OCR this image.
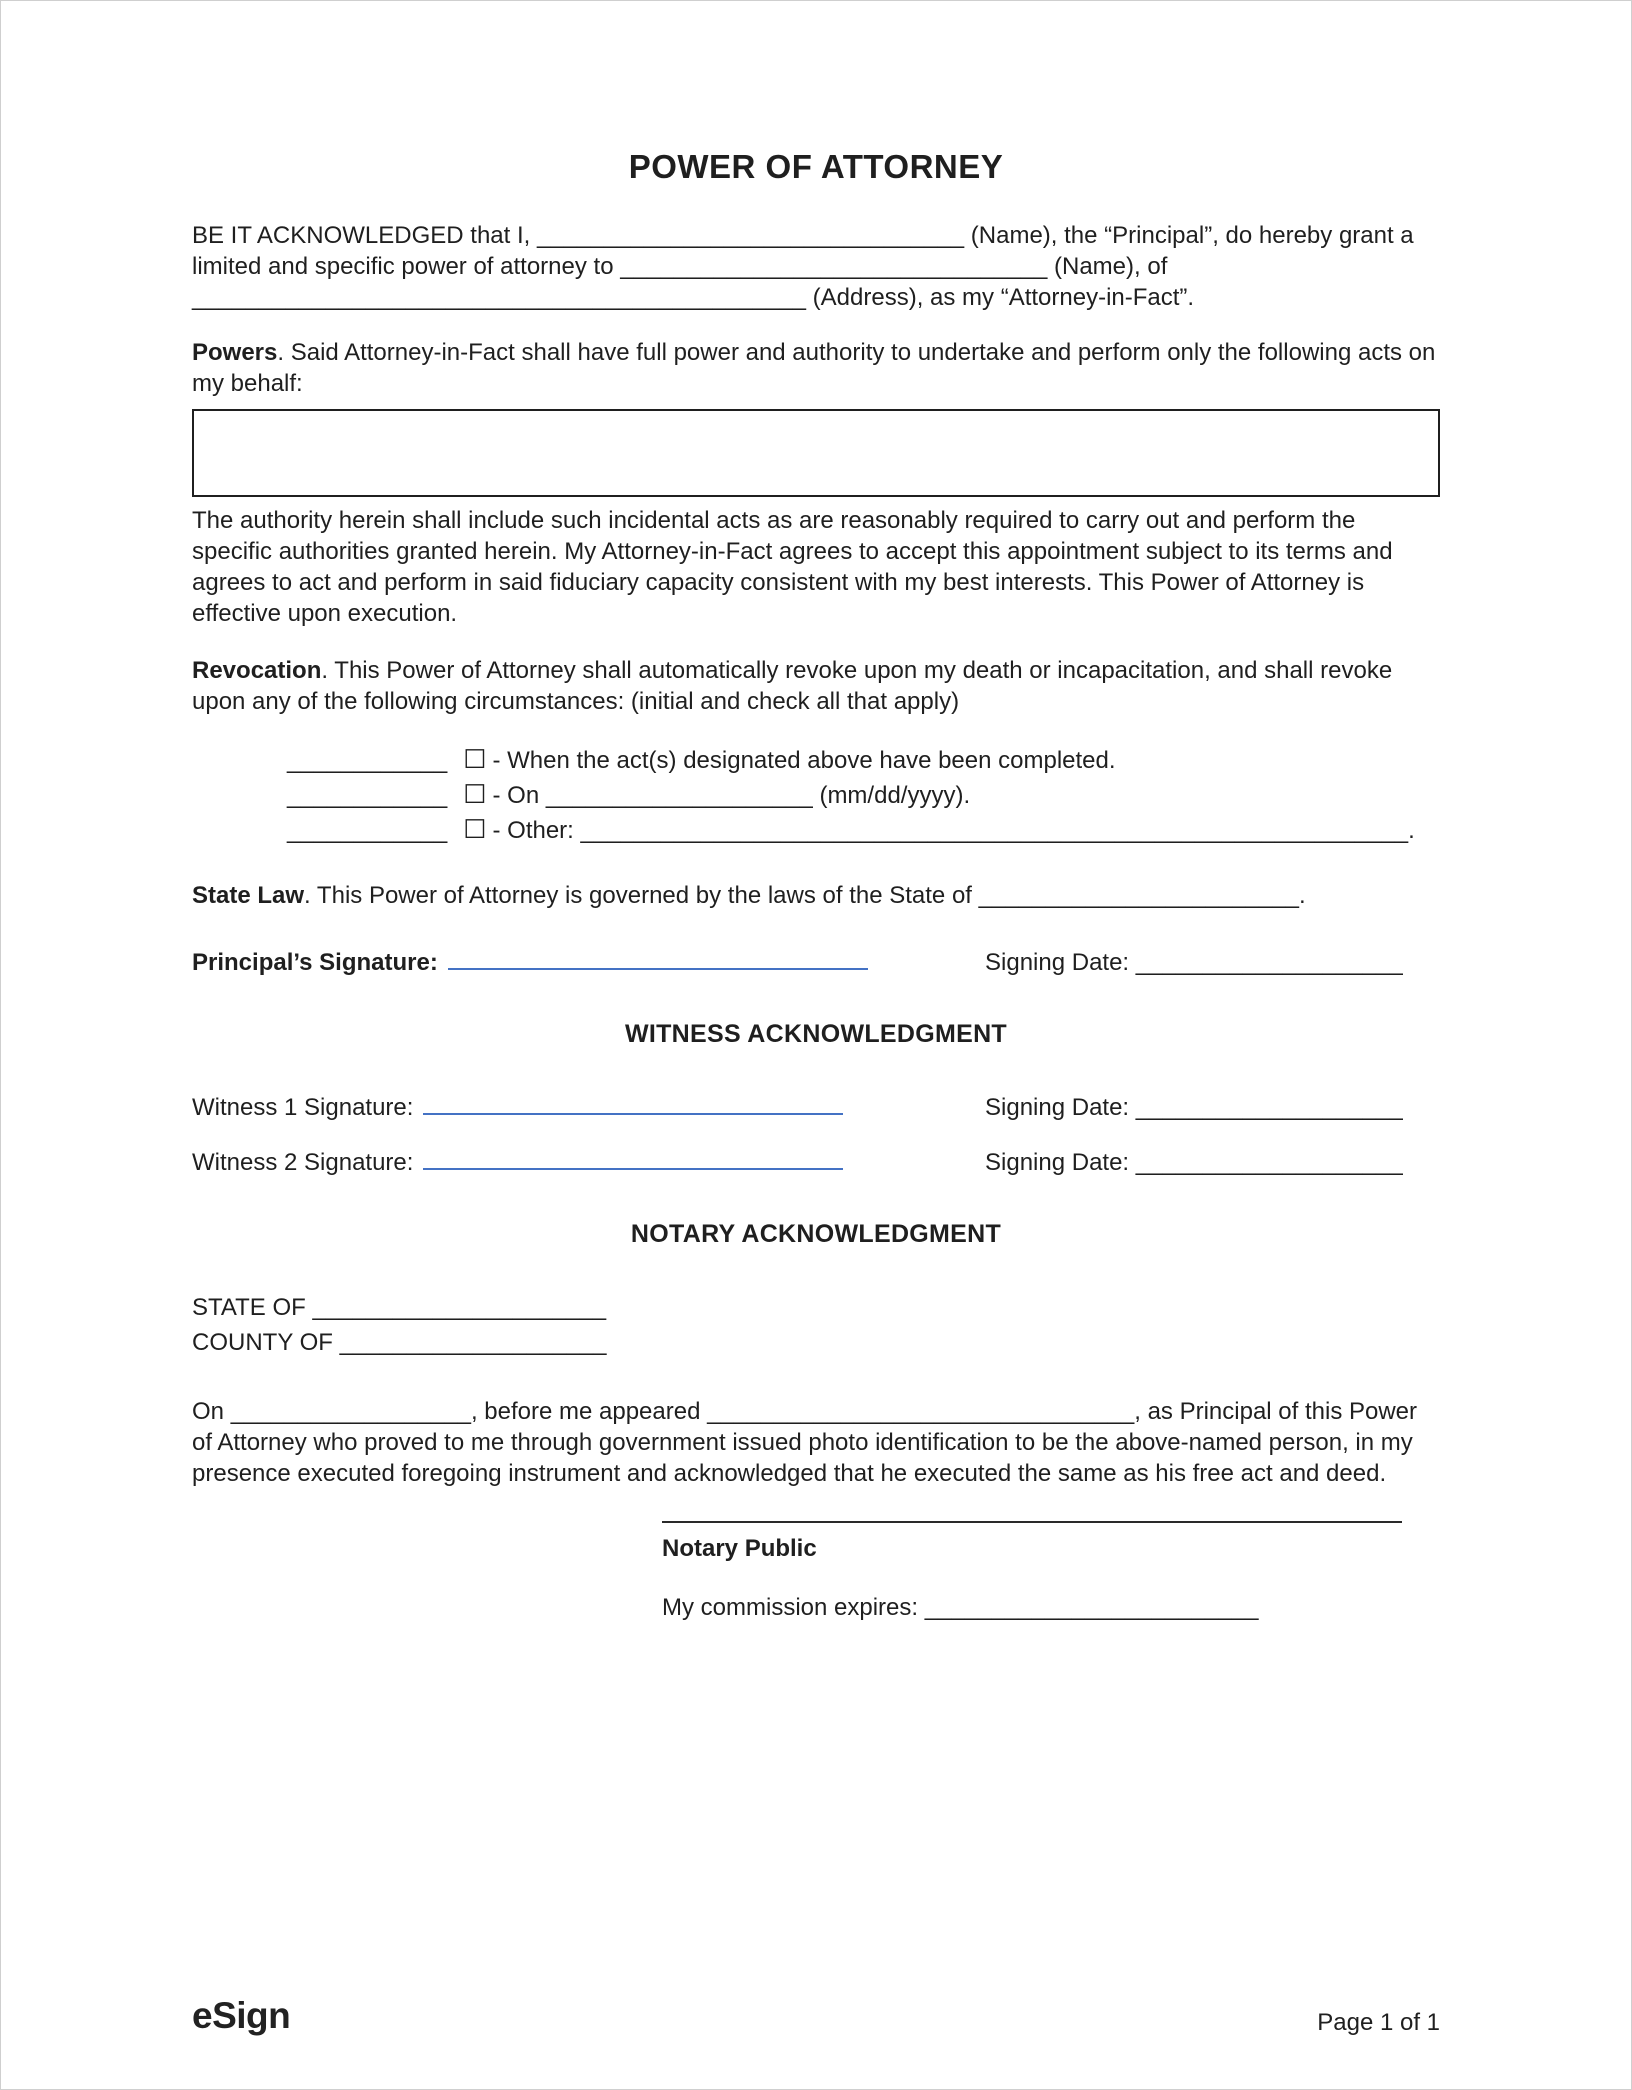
POWER OF ATTORNEY

BE IT ACKNOWLEDGED that I, ________________________________ (Name), the “Principal”, do hereby grant a limited and specific power of attorney to ________________________________ (Name), of ______________________________________________ (Address), as my “Attorney-in-Fact”.

Powers. Said Attorney-in-Fact shall have full power and authority to undertake and perform only the following acts on my behalf:

The authority herein shall include such incidental acts as are reasonably required to carry out and perform the specific authorities granted herein. My Attorney-in-Fact agrees to accept this appointment subject to its terms and agrees to act and perform in said fiduciary capacity consistent with my best interests. This Power of Attorney is effective upon execution.

Revocation. This Power of Attorney shall automatically revoke upon my death or incapacitation, and shall revoke upon any of the following circumstances: (initial and check all that apply)

____________ ☐ - When the act(s) designated above have been completed.
____________ ☐ - On ____________________ (mm/dd/yyyy).
____________ ☐ - Other: ______________________________________________________________.

State Law. This Power of Attorney is governed by the laws of the State of ________________________.

Principal’s Signature:	Signing Date: ____________________
WITNESS ACKNOWLEDGMENT
Witness 1 Signature:	Signing Date: ____________________
Witness 2 Signature:	Signing Date: ____________________
NOTARY ACKNOWLEDGMENT

STATE OF ______________________

COUNTY OF ____________________

On __________________, before me appeared ________________________________, as Principal of this Power of Attorney who proved to me through government issued photo identification to be the above-named person, in my presence executed foregoing instrument and acknowledged that he executed the same as his free act and deed.

Notary Public

My commission expires: _________________________

eSign	Page 1 of 1
